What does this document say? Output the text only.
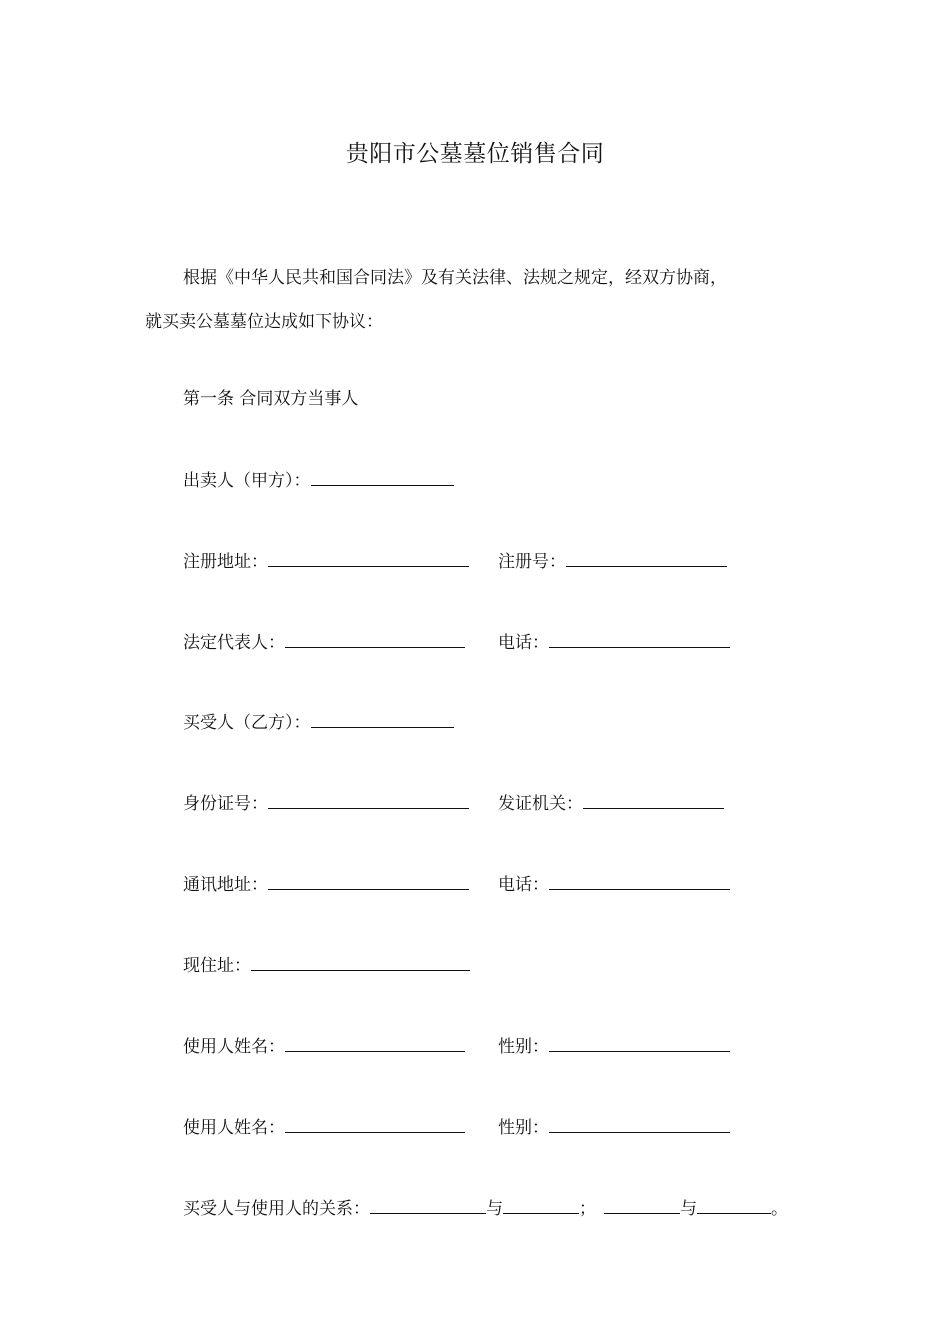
贵阳市公墓墓位销售合同
根据《中华人民共和国合同法》及有关法律、法规之规定，经双方协商，
就买卖公墓墓位达成如下协议：
第一条 合同双方当事人
出卖人（甲方）：
注册地址：	注册号：
法定代表人：	电话：
买受人（乙方）：
身份证号：	发证机关：
通讯地址：	电话：
现住址：
使用人姓名：	性别：
使用人姓名：	性别：
买受人与使用人的关系：	与	；	与	。
